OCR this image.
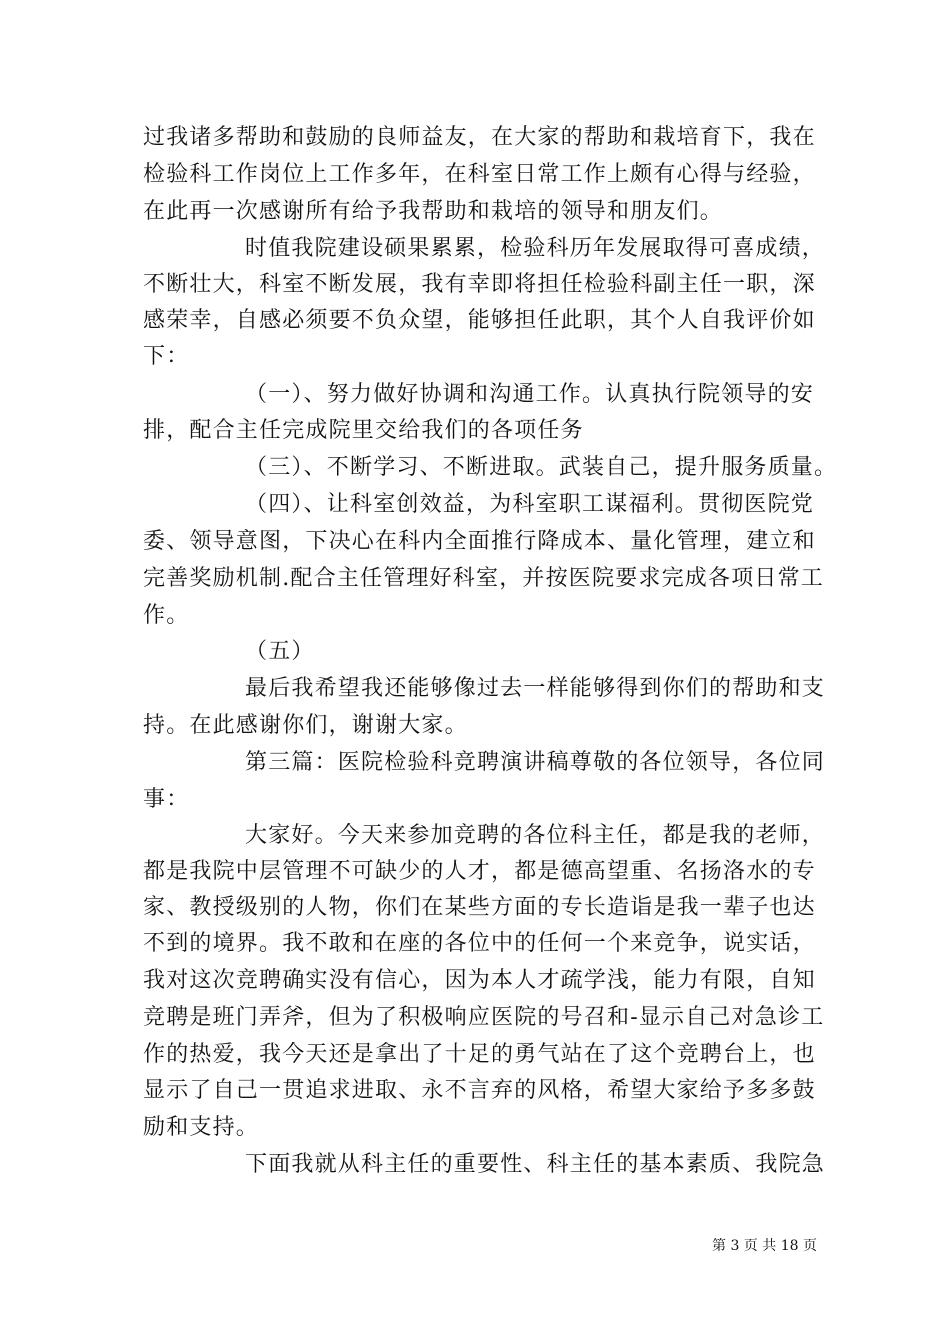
过我诸多帮助和鼓励的良师益友，在大家的帮助和栽培育下，我在
检验科工作岗位上工作多年，在科室日常工作上颇有心得与经验，
在此再一次感谢所有给予我帮助和栽培的领导和朋友们。
时值我院建设硕果累累，检验科历年发展取得可喜成绩，
不断壮大，科室不断发展，我有幸即将担任检验科副主任一职，深
感荣幸，自感必须要不负众望，能够担任此职，其个人自我评价如
下：
（一）、努力做好协调和沟通工作。认真执行院领导的安
排，配合主任完成院里交给我们的各项任务
（三）、不断学习、不断进取。武装自己，提升服务质量。
（四）、让科室创效益，为科室职工谋福利。贯彻医院党
委、领导意图，下决心在科内全面推行降成本、量化管理，建立和
完善奖励机制.配合主任管理好科室，并按医院要求完成各项日常工
作。
（五）
最后我希望我还能够像过去一样能够得到你们的帮助和支
持。在此感谢你们，谢谢大家。
第三篇：医院检验科竞聘演讲稿尊敬的各位领导，各位同
事：
大家好。今天来参加竞聘的各位科主任，都是我的老师，
都是我院中层管理不可缺少的人才，都是德高望重、名扬洛水的专
家、教授级别的人物，你们在某些方面的专长造诣是我一辈子也达
不到的境界。我不敢和在座的各位中的任何一个来竞争，说实话，
我对这次竞聘确实没有信心，因为本人才疏学浅，能力有限，自知
竞聘是班门弄斧，但为了积极响应医院的号召和-显示自己对急诊工
作的热爱，我今天还是拿出了十足的勇气站在了这个竞聘台上，也
显示了自己一贯追求进取、永不言弃的风格，希望大家给予多多鼓
励和支持。
下面我就从科主任的重要性、科主任的基本素质、我院急
第 3 页 共 18 页
